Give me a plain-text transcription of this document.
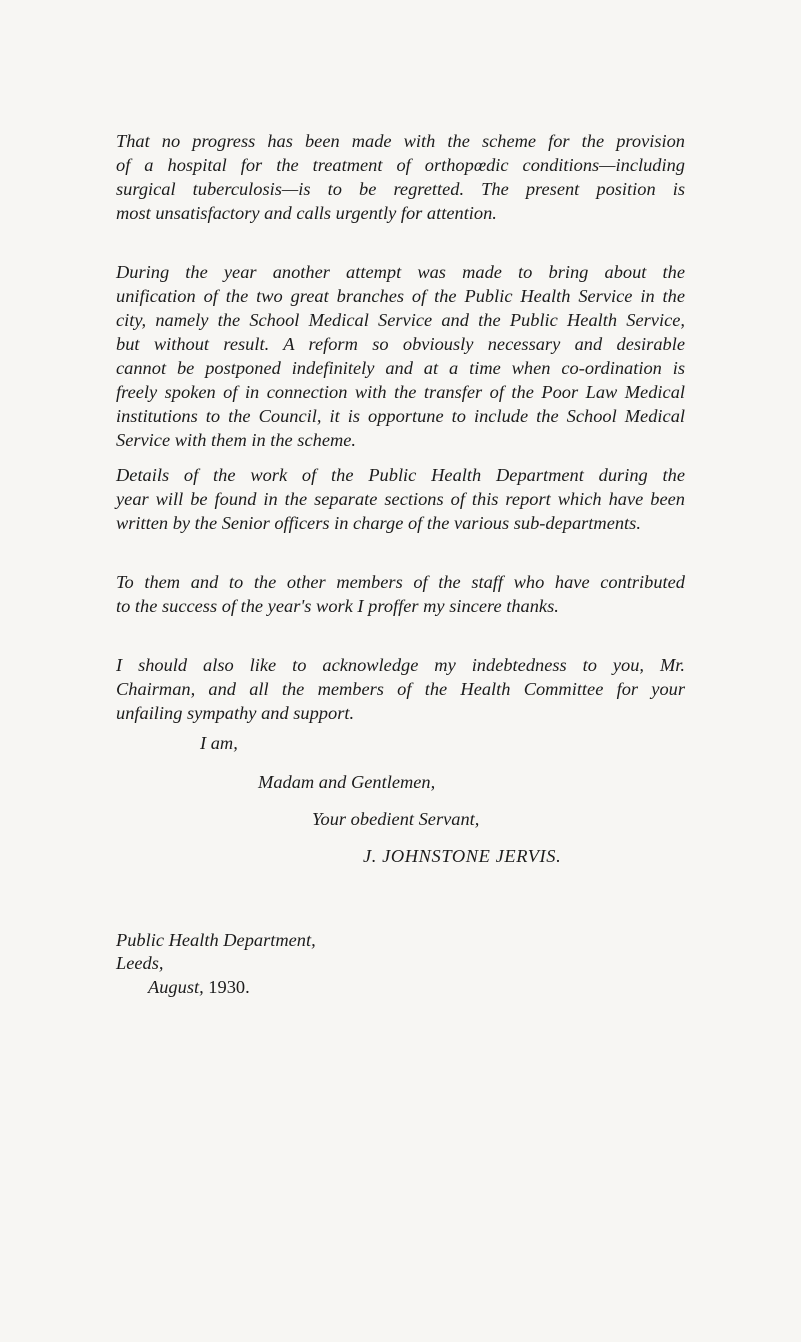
That no progress has been made with the scheme for the provision
of a hospital for the treatment of orthopœdic conditions—including
surgical tuberculosis—is to be regretted. The present position is
most unsatisfactory and calls urgently for attention.
During the year another attempt was made to bring about the
unification of the two great branches of the Public Health Service in the
city, namely the School Medical Service and the Public Health Service,
but without result. A reform so obviously necessary and desirable
cannot be postponed indefinitely and at a time when co-ordination is
freely spoken of in connection with the transfer of the Poor Law Medical
institutions to the Council, it is opportune to include the School Medical
Service with them in the scheme.
Details of the work of the Public Health Department during the
year will be found in the separate sections of this report which have been
written by the Senior officers in charge of the various sub-departments.
To them and to the other members of the staff who have contributed
to the success of the year's work I proffer my sincere thanks.
I should also like to acknowledge my indebtedness to you, Mr.
Chairman, and all the members of the Health Committee for your
unfailing sympathy and support.

I am,

Madam and Gentlemen,

Your obedient Servant,

J. JOHNSTONE JERVIS.

Public Health Department,

Leeds,

August, 1930.
